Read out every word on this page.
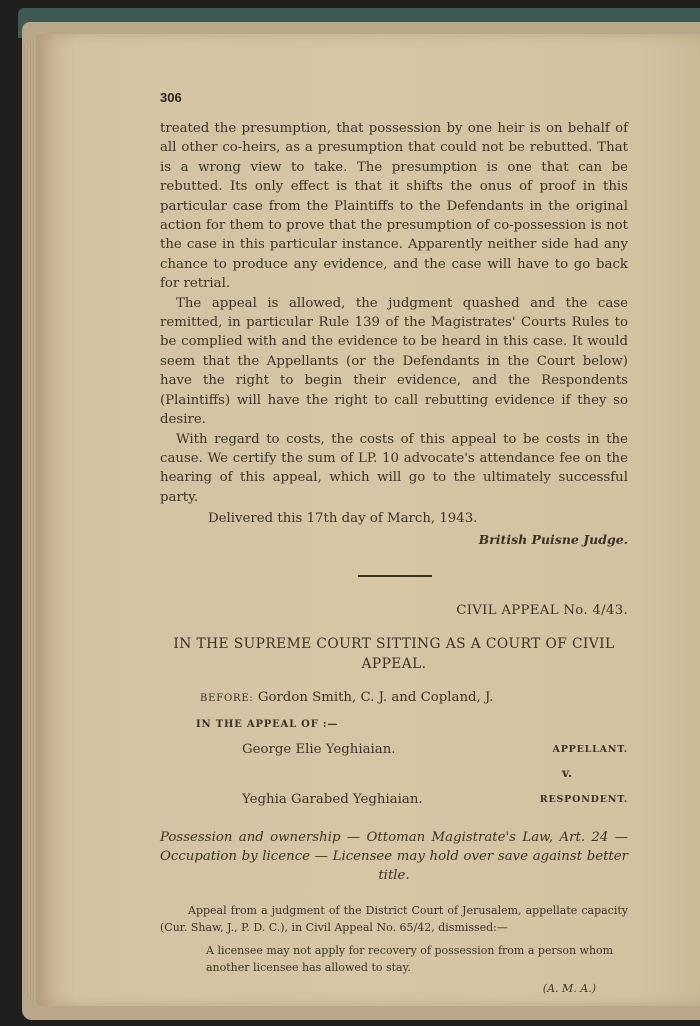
306

treated the presumption, that possession by one heir is on behalf of all other co-heirs, as a presumption that could not be rebutted. That is a wrong view to take. The presumption is one that can be rebutted. Its only effect is that it shifts the onus of proof in this particular case from the Plaintiffs to the Defendants in the original action for them to prove that the presumption of co-possession is not the case in this particular instance. Apparently neither side had any chance to produce any evidence, and the case will have to go back for retrial.

The appeal is allowed, the judgment quashed and the case remitted, in particular Rule 139 of the Magistrates' Courts Rules to be complied with and the evidence to be heard in this case. It would seem that the Appellants (or the Defendants in the Court below) have the right to begin their evidence, and the Respondents (Plaintiffs) will have the right to call rebutting evidence if they so desire.

With regard to costs, the costs of this appeal to be costs in the cause. We certify the sum of LP. 10 advocate's attendance fee on the hearing of this appeal, which will go to the ultimately successful party.

Delivered this 17th day of March, 1943.
British Puisne Judge.
CIVIL APPEAL No. 4/43.
IN THE SUPREME COURT SITTING AS A COURT OF CIVIL APPEAL.
BEFORE: Gordon Smith, C. J. and Copland, J.
IN THE APPEAL OF :—
George Elie Yeghiaian.	APPELLANT.
v.
Yeghia Garabed Yeghiaian.	RESPONDENT.

Possession and ownership — Ottoman Magistrate's Law, Art. 24 — Occupation by licence — Licensee may hold over save against better title.

Appeal from a judgment of the District Court of Jerusalem, appellate capacity (Cur. Shaw, J., P. D. C.), in Civil Appeal No. 65/42, dismissed:—

A licensee may not apply for recovery of possession from a person whom another licensee has allowed to stay.

(A. M. A.)
